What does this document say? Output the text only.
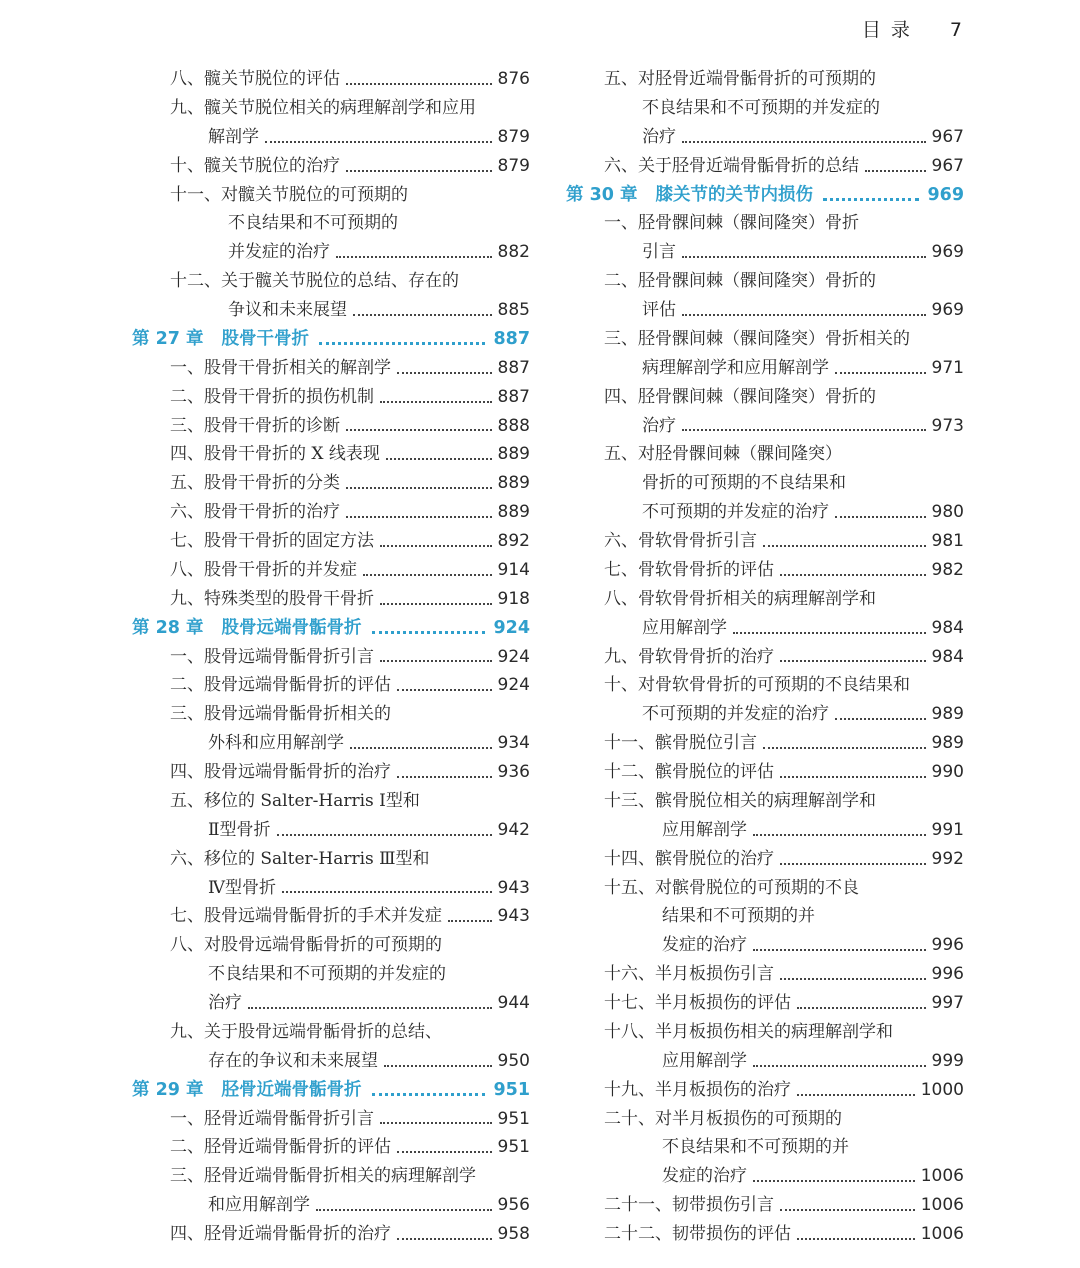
目 录 7
八、髋关节脱位的评估	876
九、髋关节脱位相关的病理解剖学和应用
解剖学	879
十、髋关节脱位的治疗	879
十一、对髋关节脱位的可预期的
不良结果和不可预期的
并发症的治疗	882
十二、关于髋关节脱位的总结、存在的
争议和未来展望	885
第 27 章 股骨干骨折	887
一、股骨干骨折相关的解剖学	887
二、股骨干骨折的损伤机制	887
三、股骨干骨折的诊断	888
四、股骨干骨折的 X 线表现	889
五、股骨干骨折的分类	889
六、股骨干骨折的治疗	889
七、股骨干骨折的固定方法	892
八、股骨干骨折的并发症	914
九、特殊类型的股骨干骨折	918
第 28 章 股骨远端骨骺骨折	924
一、股骨远端骨骺骨折引言	924
二、股骨远端骨骺骨折的评估	924
三、股骨远端骨骺骨折相关的
外科和应用解剖学	934
四、股骨远端骨骺骨折的治疗	936
五、移位的 Salter-Harris Ⅰ型和
Ⅱ型骨折	942
六、移位的 Salter-Harris Ⅲ型和
Ⅳ型骨折	943
七、股骨远端骨骺骨折的手术并发症	943
八、对股骨远端骨骺骨折的可预期的
不良结果和不可预期的并发症的
治疗	944
九、关于股骨远端骨骺骨折的总结、
存在的争议和未来展望	950
第 29 章 胫骨近端骨骺骨折	951
一、胫骨近端骨骺骨折引言	951
二、胫骨近端骨骺骨折的评估	951
三、胫骨近端骨骺骨折相关的病理解剖学
和应用解剖学	956
四、胫骨近端骨骺骨折的治疗	958
五、对胫骨近端骨骺骨折的可预期的
不良结果和不可预期的并发症的
治疗	967
六、关于胫骨近端骨骺骨折的总结	967
第 30 章 膝关节的关节内损伤	969
一、胫骨髁间棘（髁间隆突）骨折
引言	969
二、胫骨髁间棘（髁间隆突）骨折的
评估	969
三、胫骨髁间棘（髁间隆突）骨折相关的
病理解剖学和应用解剖学	971
四、胫骨髁间棘（髁间隆突）骨折的
治疗	973
五、对胫骨髁间棘（髁间隆突）
骨折的可预期的不良结果和
不可预期的并发症的治疗	980
六、骨软骨骨折引言	981
七、骨软骨骨折的评估	982
八、骨软骨骨折相关的病理解剖学和
应用解剖学	984
九、骨软骨骨折的治疗	984
十、对骨软骨骨折的可预期的不良结果和
不可预期的并发症的治疗	989
十一、髌骨脱位引言	989
十二、髌骨脱位的评估	990
十三、髌骨脱位相关的病理解剖学和
应用解剖学	991
十四、髌骨脱位的治疗	992
十五、对髌骨脱位的可预期的不良
结果和不可预期的并
发症的治疗	996
十六、半月板损伤引言	996
十七、半月板损伤的评估	997
十八、半月板损伤相关的病理解剖学和
应用解剖学	999
十九、半月板损伤的治疗	1000
二十、对半月板损伤的可预期的
不良结果和不可预期的并
发症的治疗	1006
二十一、韧带损伤引言	1006
二十二、韧带损伤的评估	1006
